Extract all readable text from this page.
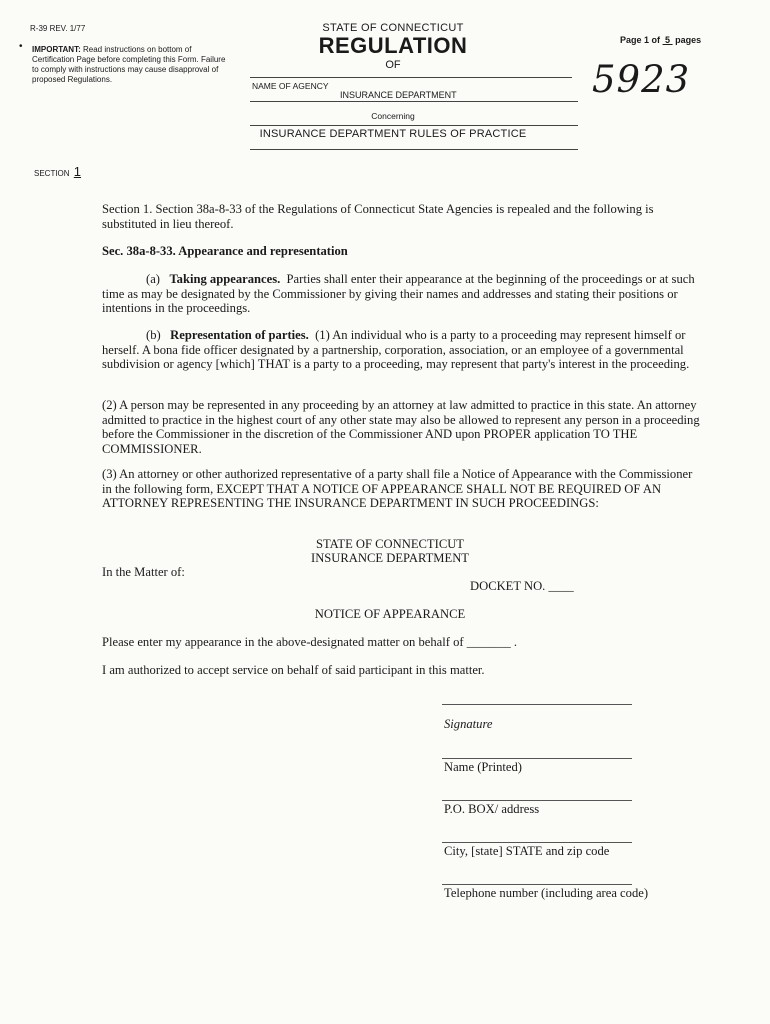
R-39 REV. 1/77
• IMPORTANT: Read instructions on bottom of Certification Page before completing this Form. Failure to comply with instructions may cause disapproval of proposed Regulations.
STATE OF CONNECTICUT
REGULATION
OF
Page 1 of 5 pages
5923
NAME OF AGENCY
INSURANCE DEPARTMENT
Concerning
INSURANCE DEPARTMENT RULES OF PRACTICE
SECTION 1
Section 1. Section 38a-8-33 of the Regulations of Connecticut State Agencies is repealed and the following is substituted in lieu thereof.
Sec. 38a-8-33. Appearance and representation
(a) Taking appearances. Parties shall enter their appearance at the beginning of the proceedings or at such time as may be designated by the Commissioner by giving their names and addresses and stating their positions or intentions in the proceedings.
(b) Representation of parties. (1) An individual who is a party to a proceeding may represent himself or herself. A bona fide officer designated by a partnership, corporation, association, or an employee of a governmental subdivision or agency [which] THAT is a party to a proceeding, may represent that party's interest in the proceeding.
(2) A person may be represented in any proceeding by an attorney at law admitted to practice in this state. An attorney admitted to practice in the highest court of any other state may also be allowed to represent any person in a proceeding before the Commissioner in the discretion of the Commissioner AND upon PROPER application TO THE COMMISSIONER.
(3) An attorney or other authorized representative of a party shall file a Notice of Appearance with the Commissioner in the following form, EXCEPT THAT A NOTICE OF APPEARANCE SHALL NOT BE REQUIRED OF AN ATTORNEY REPRESENTING THE INSURANCE DEPARTMENT IN SUCH PROCEEDINGS:
STATE OF CONNECTICUT
INSURANCE DEPARTMENT
In the Matter of:
DOCKET NO. ____
NOTICE OF APPEARANCE
Please enter my appearance in the above-designated matter on behalf of _______ .
I am authorized to accept service on behalf of said participant in this matter.
Signature
Name (Printed)
P.O. BOX/ address
City, [state] STATE and zip code
Telephone number (including area code)
